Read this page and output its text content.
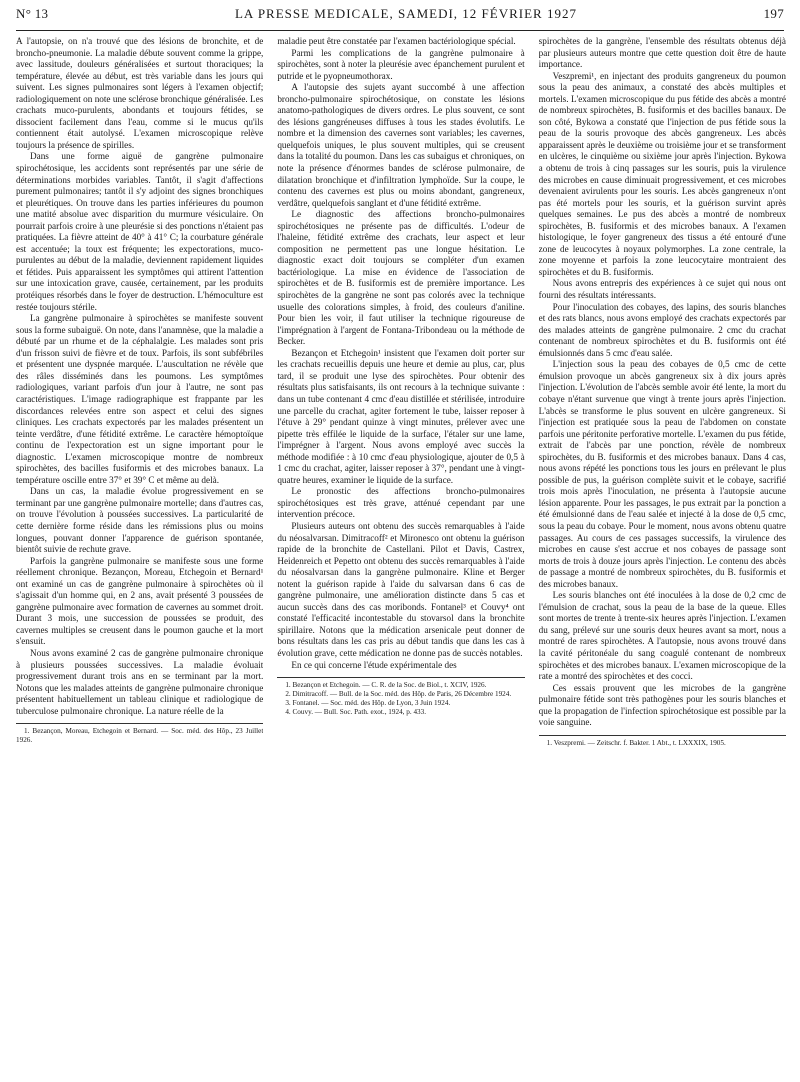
N° 13	LA PRESSE MEDICALE, SAMEDI, 12 FÉVRIER 1927	197

A l'autopsie, on n'a trouvé que des lésions de bronchite, et de broncho-pneumonie. La maladie débute souvent comme la grippe, avec lassitude, douleurs généralisées et surtout thoraciques; la température, élevée au début, est très variable dans les jours qui suivent. Les signes pulmonaires sont légers à l'examen objectif; radiologiquement on note une sclérose bronchique généralisée. Les crachats muco-purulents, abondants et toujours fétides, se dissocient facilement dans l'eau, comme si le mucus qu'ils contiennent était autolysé. L'examen microscopique relève toujours la présence de spirilles.

Dans une forme aiguë de gangrène pulmonaire spirochétosique, les accidents sont représentés par une série de déterminations morbides variables. Tantôt, il s'agit d'affections purement pulmonaires; tantôt il s'y adjoint des signes bronchiques et pleurétiques. On trouve dans les parties inférieures du poumon une matité absolue avec disparition du murmure vésiculaire. On pourrait parfois croire à une pleurésie si des ponctions n'étaient pas pratiquées. La fièvre atteint de 40° à 41° C; la courbature générale est accentuée; la toux est fréquente; les expectorations, muco-purulentes au début de la maladie, deviennent rapidement liquides et fétides. Puis apparaissent les symptômes qui attirent l'attention sur une intoxication grave, causée, certainement, par les produits protéiques résorbés dans le foyer de destruction. L'hémoculture est restée toujours stérile.

La gangrène pulmonaire à spirochètes se manifeste souvent sous la forme subaiguë. On note, dans l'anamnèse, que la maladie a débuté par un rhume et de la céphalalgie. Les malades sont pris d'un frisson suivi de fièvre et de toux. Parfois, ils sont subfébriles et présentent une dyspnée marquée. L'auscultation ne révèle que des râles disséminés dans les poumons. Les symptômes radiologiques, variant parfois d'un jour à l'autre, ne sont pas caractéristiques. L'image radiographique est frappante par les discordances relevées entre son aspect et celui des signes cliniques. Les crachats expectorés par les malades présentent un teinte verdâtre, d'une fétidité extrême. Le caractère hémoptoïque continu de l'expectoration est un signe important pour le diagnostic. L'examen microscopique montre de nombreux spirochètes, des bacilles fusiformis et des microbes banaux. La température oscille entre 37° et 39° C et même au delà.

Dans un cas, la maladie évolue progressivement en se terminant par une gangrène pulmonaire mortelle; dans d'autres cas, on trouve l'évolution à poussées successives. La particularité de cette dernière forme réside dans les rémissions plus ou moins longues, pouvant donner l'apparence de guérison spontanée, bientôt suivie de rechute grave.

Parfois la gangrène pulmonaire se manifeste sous une forme réellement chronique. Bezançon, Moreau, Etchegoin et Bernard¹ ont examiné un cas de gangrène pulmonaire à spirochètes où il s'agissait d'un homme qui, en 2 ans, avait présenté 3 poussées de gangrène pulmonaire avec formation de cavernes au sommet droit. Durant 3 mois, une succession de poussées se produit, des cavernes multiples se creusent dans le poumon gauche et la mort s'ensuit.

Nous avons examiné 2 cas de gangrène pulmonaire chronique à plusieurs poussées successives. La maladie évoluait progressivement durant trois ans en se terminant par la mort. Notons que les malades atteints de gangrène pulmonaire chronique présentent habituellement un tableau clinique et radiologique de tuberculose pulmonaire chronique. La nature réelle de la

1. Bezançon, Moreau, Etchegoin et Bernard. — Soc. méd. des Hôp., 23 Juillet 1926.

maladie peut être constatée par l'examen bactériologique spécial.

Parmi les complications de la gangrène pulmonaire à spirochètes, sont à noter la pleurésie avec épanchement purulent et putride et le pyopneumothorax.

A l'autopsie des sujets ayant succombé à une affection broncho-pulmonaire spirochétosique, on constate les lésions anatomo-pathologiques de divers ordres. Le plus souvent, ce sont des lésions gangréneuses diffuses à tous les stades évolutifs. Le nombre et la dimension des cavernes sont variables; les cavernes, quelquefois uniques, le plus souvent multiples, qui se creusent dans la totalité du poumon. Dans les cas subaigus et chroniques, on note la présence d'énormes bandes de sclérose pulmonaire, de dilatation bronchique et d'infiltration lymphoïde. Sur la coupe, le contenu des cavernes est plus ou moins abondant, gangreneux, verdâtre, quelquefois sanglant et d'une fétidité extrême.

Le diagnostic des affections broncho-pulmonaires spirochétosiques ne présente pas de difficultés. L'odeur de l'haleine, fétidité extrême des crachats, leur aspect et leur composition ne permettent pas une longue hésitation. Le diagnostic exact doit toujours se compléter d'un examen bactériologique. La mise en évidence de l'association de spirochètes et de B. fusiformis est de première importance. Les spirochètes de la gangrène ne sont pas colorés avec la technique usuelle des colorations simples, à froid, des couleurs d'aniline. Pour bien les voir, il faut utiliser la technique rigoureuse de l'imprégnation à l'argent de Fontana-Tribondeau ou la méthode de Becker.

Bezançon et Etchegoin¹ insistent que l'examen doit porter sur les crachats recueillis depuis une heure et demie au plus, car, plus tard, il se produit une lyse des spirochètes. Pour obtenir des résultats plus satisfaisants, ils ont recours à la technique suivante : dans un tube contenant 4 cmc d'eau distillée et stérilisée, introduire une parcelle du crachat, agiter fortement le tube, laisser reposer à l'étuve à 29° pendant quinze à vingt minutes, prélever avec une pipette très effilée le liquide de la surface, l'étaler sur une lame, l'imprégner à l'argent. Nous avons employé avec succès la méthode modifiée : à 10 cmc d'eau physiologique, ajouter de 0,5 à 1 cmc du crachat, agiter, laisser reposer à 37°, pendant une à vingt-quatre heures, examiner le liquide de la surface.

Le pronostic des affections broncho-pulmonaires spirochétosiques est très grave, atténué cependant par une intervention précoce.

Plusieurs auteurs ont obtenu des succès remarquables à l'aide du néosalvarsan. Dimitracoff² et Mironesco ont obtenu la guérison rapide de la bronchite de Castellani. Pilot et Davis, Castrex, Heidenreich et Pepetto ont obtenu des succès remarquables à l'aide du néosalvarsan dans la gangrène pulmonaire. Kline et Berger notent la guérison rapide à l'aide du salvarsan dans 6 cas de gangrène pulmonaire, une amélioration distincte dans 5 cas et aucun succès dans des cas moribonds. Fontanel³ et Couvy⁴ ont constaté l'efficacité incontestable du stovarsol dans la bronchite spirillaire. Notons que la médication arsenicale peut donner de bons résultats dans les cas pris au début tandis que dans les cas à évolution grave, cette médication ne donne pas de succès notables.

En ce qui concerne l'étude expérimentale des

1. Bezançon et Etchegoin. — C. R. de la Soc. de Biol., t. XCIV, 1926.
2. Dimitracoff. — Bull. de la Soc. méd. des Hôp. de Paris, 26 Décembre 1924.
3. Fontanel. — Soc. méd. des Hôp. de Lyon, 3 Juin 1924.
4. Couvy. — Bull. Soc. Path. exot., 1924, p. 433.

spirochètes de la gangrène, l'ensemble des résultats obtenus déjà par plusieurs auteurs montre que cette question doit être de haute importance.

Veszpremi¹, en injectant des produits gangreneux du poumon sous la peau des animaux, a constaté des abcès multiples et mortels. L'examen microscopique du pus fétide des abcès a montré de nombreux spirochètes, B. fusiformis et des bacilles banaux. De son côté, Bykowa a constaté que l'injection de pus fétide sous la peau de la souris provoque des abcès gangreneux. Les abcès apparaissent après le deuxième ou troisième jour et se transforment en ulcères, le cinquième ou sixième jour après l'injection. Bykowa a obtenu de trois à cinq passages sur les souris, puis la virulence des microbes en cause diminuait progressivement, et ces microbes devenaient avirulents pour les souris. Les abcès gangreneux n'ont pas été mortels pour les souris, et la guérison survint après quelques semaines. Le pus des abcès a montré de nombreux spirochètes, B. fusiformis et des microbes banaux. A l'examen histologique, le foyer gangreneux des tissus a été entouré d'une zone de leucocytes à noyaux polymorphes. La zone centrale, la zone moyenne et parfois la zone leucocytaire montraient des spirochètes et du B. fusiformis.

Nous avons entrepris des expériences à ce sujet qui nous ont fourni des résultats intéressants.

Pour l'inoculation des cobayes, des lapins, des souris blanches et des rats blancs, nous avons employé des crachats expectorés par des malades atteints de gangrène pulmonaire. 2 cmc du crachat contenant de nombreux spirochètes et du B. fusiformis ont été émulsionnés dans 5 cmc d'eau salée.

L'injection sous la peau des cobayes de 0,5 cmc de cette émulsion provoque un abcès gangreneux six à dix jours après l'injection. L'évolution de l'abcès semble avoir été lente, la mort du cobaye n'étant survenue que vingt à trente jours après l'injection. L'abcès se transforme le plus souvent en ulcère gangreneux. Si l'injection est pratiquée sous la peau de l'abdomen on constate parfois une péritonite perforative mortelle. L'examen du pus fétide, extrait de l'abcès par une ponction, révèle de nombreux spirochètes, du B. fusiformis et des microbes banaux. Dans 4 cas, nous avons répété les ponctions tous les jours en prélevant le plus possible de pus, la guérison complète suivit et le cobaye, sacrifié trois mois après l'inoculation, ne présenta à l'autopsie aucune lésion apparente. Pour les passages, le pus extrait par la ponction a été émulsionné dans de l'eau salée et injecté à la dose de 0,5 cmc, sous la peau du cobaye. Pour le moment, nous avons obtenu quatre passages. Au cours de ces passages successifs, la virulence des microbes en cause s'est accrue et nos cobayes de passage sont morts de trois à douze jours après l'injection. Le contenu des abcès de passage a montré de nombreux spirochètes, du B. fusiformis et des microbes banaux.

Les souris blanches ont été inoculées à la dose de 0,2 cmc de l'émulsion de crachat, sous la peau de la base de la queue. Elles sont mortes de trente à trente-six heures après l'injection. L'examen du sang, prélevé sur une souris deux heures avant sa mort, nous a montré de rares spirochètes. A l'autopsie, nous avons trouvé dans la cavité péritonéale du sang coagulé contenant de nombreux spirochètes et des microbes banaux. L'examen microscopique de la rate a montré des spirochètes et des cocci.

Ces essais prouvent que les microbes de la gangrène pulmonaire fétide sont très pathogènes pour les souris blanches et que la propagation de l'infection spirochétosique est possible par la voie sanguine.

1. Veszpremi. — Zeitschr. f. Bakter. 1 Abt., t. LXXXIX, 1905.
